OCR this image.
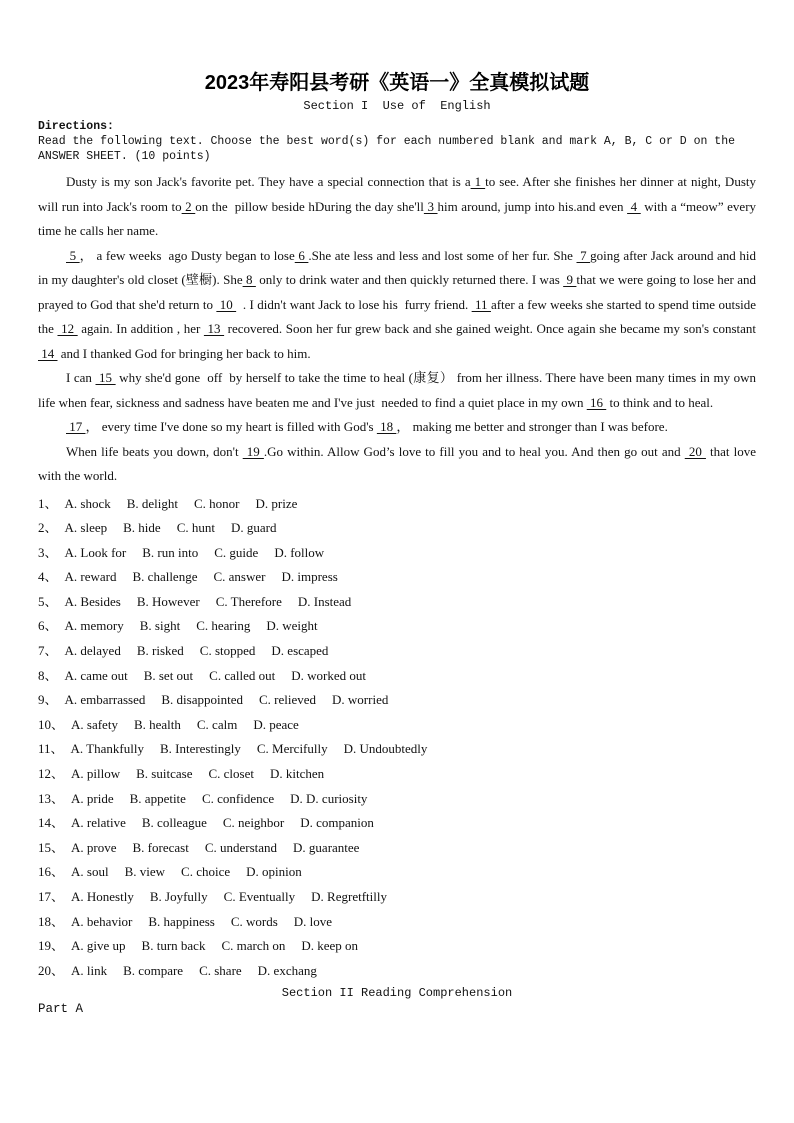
2023年寿阳县考研《英语一》全真模拟试题
Section I  Use of  English
Directions:
Read the following text. Choose the best word(s) for each numbered blank and mark A, B, C or D on the ANSWER SHEET. (10 points)

Dusty is my son Jack's favorite pet. They have a special connection that is a 1 to see. After she finishes her dinner at night, Dusty will run into Jack's room to 2 on the  pillow beside hDuring the day she'll 3 him around, jump into his.and even  4  with a “meow” every time he calls her name.

5 ， a few weeks  ago Dusty began to lose 6 .She ate less and less and lost some of her fur. She  7 going after Jack around and hid in my daughter's old closet (壁橱). She 8  only to drink water and then quickly returned there. I was  9 that we were going to lose her and prayed to God that she'd return to  10   . I didn't want Jack to lose his  furry friend.  11 after a few weeks she started to spend time outside the  12  again. In addition , her  13  recovered. Soon her fur grew back and she gained weight. Once again she became my son's constant  14  and I thanked God for bringing her back to him.

I can  15  why she'd gone  off  by herself to take the time to heal (康复） from her illness. There have been many times in my own life when fear, sickness and sadness have beaten me and I've just  needed to find a quiet place in my own  16  to think and to heal.

17 ， every time I've done so my heart is filled with God's  18 ， making me better and stronger than I was before.

When life beats you down, don't  19 .Go within. Allow God’s love to fill you and to heal you. And then go out and  20  that love with the world.

1、 A. shock B. delight C. honor D. prize
2、 A. sleep B. hide C. hunt D. guard
3、 A. Look for B. run into C. guide D. follow
4、 A. reward B. challenge C. answer D. impress
5、 A. Besides B. However C. Therefore D. Instead
6、 A. memory B. sight C. hearing D. weight
7、 A. delayed B. risked C. stopped D. escaped
8、 A. came out B. set out C. called out D. worked out
9、 A. embarrassed B. disappointed C. relieved D. worried
10、 A. safety B. health C. calm D. peace
11、 A. Thankfully B. Interestingly C. Mercifully D. Undoubtedly
12、 A. pillow B. suitcase C. closet D. kitchen
13、 A. pride B. appetite C. confidence D. D. curiosity
14、 A. relative B. colleague C. neighbor D. companion
15、 A. prove B. forecast C. understand D. guarantee
16、 A. soul B. view C. choice D. opinion
17、 A. Honestly B. Joyfully C. Eventually D. Regretftilly
18、 A. behavior B. happiness C. words D. love
19、 A. give up B. turn back C. march on D. keep on
20、 A. link B. compare C. share D. exchang
Section II Reading Comprehension
Part A
